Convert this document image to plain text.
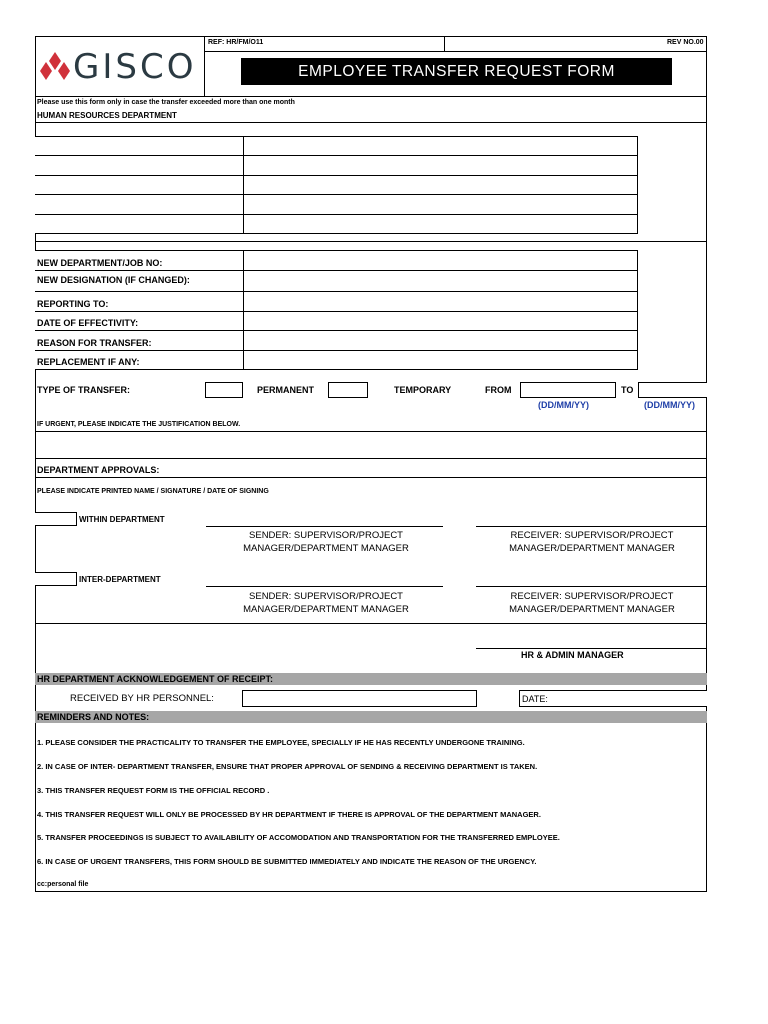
GISCO
REF: HR/FM/O11	REV NO.00
EMPLOYEE TRANSFER REQUEST FORM
Please use this form only in case the transfer exceeded more than one month
HUMAN RESOURCES DEPARTMENT
NEW DEPARTMENT/JOB NO:
NEW DESIGNATION (IF CHANGED):
REPORTING TO:
DATE OF EFFECTIVITY:
REASON FOR TRANSFER:
REPLACEMENT IF ANY:
TYPE OF TRANSFER:	PERMANENT	TEMPORARY	FROM	TO
(DD/MM/YY)	(DD/MM/YY)
IF URGENT, PLEASE INDICATE THE JUSTIFICATION BELOW.
DEPARTMENT APPROVALS:
PLEASE INDICATE PRINTED NAME / SIGNATURE / DATE OF SIGNING
WITHIN DEPARTMENT
SENDER: SUPERVISOR/PROJECT MANAGER/DEPARTMENT MANAGER
RECEIVER: SUPERVISOR/PROJECT MANAGER/DEPARTMENT MANAGER
INTER-DEPARTMENT
SENDER: SUPERVISOR/PROJECT MANAGER/DEPARTMENT MANAGER
RECEIVER: SUPERVISOR/PROJECT MANAGER/DEPARTMENT MANAGER
HR & ADMIN MANAGER
HR DEPARTMENT ACKNOWLEDGEMENT OF RECEIPT:
RECEIVED BY HR PERSONNEL:	DATE:
REMINDERS AND NOTES:
1. PLEASE CONSIDER THE PRACTICALITY TO TRANSFER THE EMPLOYEE, SPECIALLY IF HE HAS RECENTLY UNDERGONE TRAINING.
2. IN CASE OF INTER- DEPARTMENT TRANSFER, ENSURE THAT PROPER APPROVAL OF SENDING & RECEIVING DEPARTMENT IS TAKEN.
3. THIS TRANSFER REQUEST FORM IS THE OFFICIAL RECORD .
4. THIS TRANSFER REQUEST WILL ONLY BE PROCESSED BY HR DEPARTMENT IF THERE IS APPROVAL OF THE DEPARTMENT MANAGER.
5. TRANSFER PROCEEDINGS IS SUBJECT TO AVAILABILITY OF ACCOMODATION AND TRANSPORTATION FOR THE TRANSFERRED EMPLOYEE.
6. IN CASE OF URGENT TRANSFERS, THIS FORM SHOULD BE SUBMITTED IMMEDIATELY AND INDICATE THE REASON OF THE URGENCY.
cc:personal file
